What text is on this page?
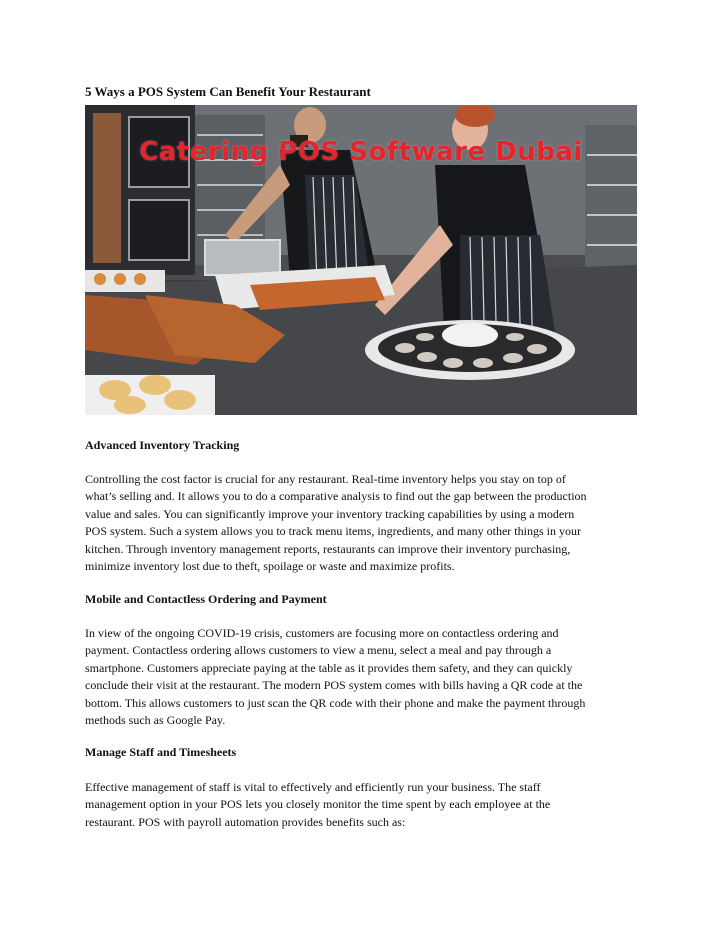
5 Ways a POS System Can Benefit Your Restaurant
Catering POS Software Dubai
Advanced Inventory Tracking
Controlling the cost factor is crucial for any restaurant. Real-time inventory helps you stay on top of
what’s selling and. It allows you to do a comparative analysis to find out the gap between the production
value and sales. You can significantly improve your inventory tracking capabilities by using a modern
POS system. Such a system allows you to track menu items, ingredients, and many other things in your
kitchen. Through inventory management reports, restaurants can improve their inventory purchasing,
minimize inventory lost due to theft, spoilage or waste and maximize profits.
Mobile and Contactless Ordering and Payment
In view of the ongoing COVID-19 crisis, customers are focusing more on contactless ordering and
payment. Contactless ordering allows customers to view a menu, select a meal and pay through a
smartphone. Customers appreciate paying at the table as it provides them safety, and they can quickly
conclude their visit at the restaurant. The modern POS system comes with bills having a QR code at the
bottom. This allows customers to just scan the QR code with their phone and make the payment through
methods such as Google Pay.
Manage Staff and Timesheets
Effective management of staff is vital to effectively and efficiently run your business. The staff
management option in your POS lets you closely monitor the time spent by each employee at the
restaurant. POS with payroll automation provides benefits such as:
